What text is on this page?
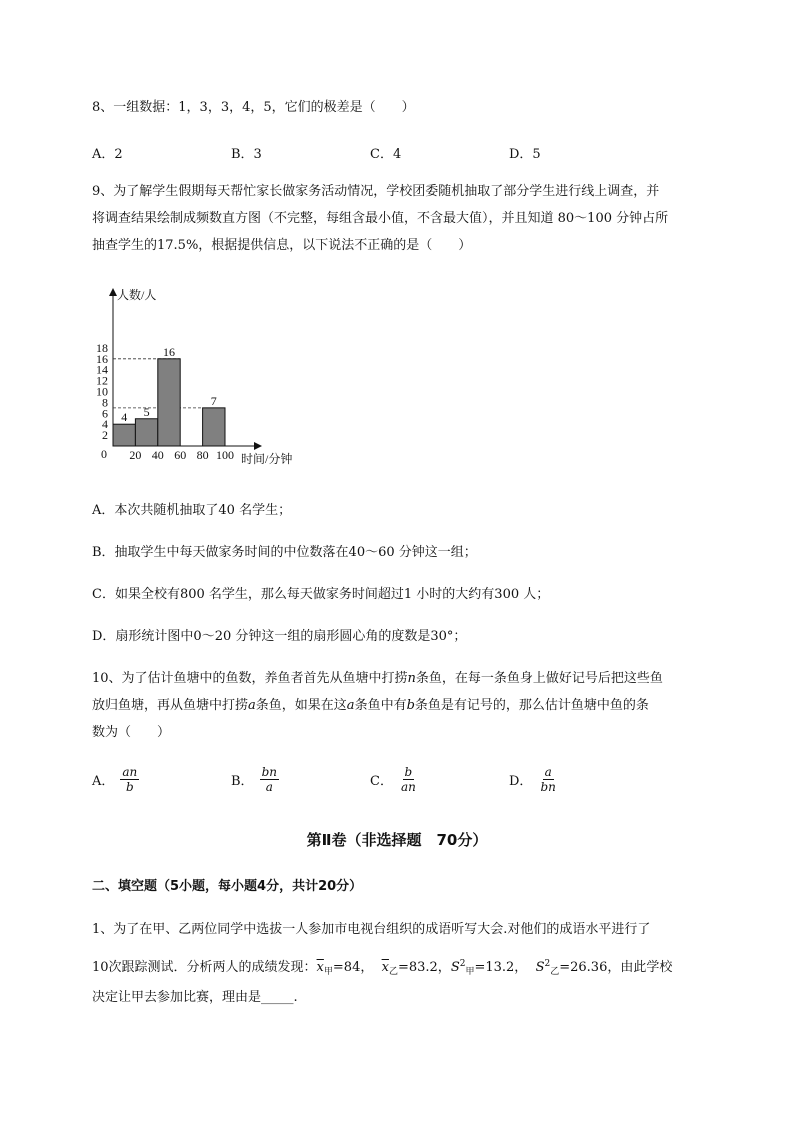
8、一组数据：1，3，3，4，5，它们的极差是（　　）
A．2	B．3	C．4	D．5
9、为了解学生假期每天帮忙家长做家务活动情况，学校团委随机抽取了部分学生进行线上调查，并
将调查结果绘制成频数直方图（不完整，每组含最小值，不含最大值），并且知道 80～100 分钟占所
抽查学生的17.5%，根据提供信息，以下说法不正确的是（　　）
4 5
16
7
2
4
6
8
10
12
14
16
18
20 40 60 80 100
人数/人
时间/分钟
0
A．本次共随机抽取了40 名学生；
B．抽取学生中每天做家务时间的中位数落在40～60 分钟这一组；
C．如果全校有800 名学生，那么每天做家务时间超过1 小时的大约有300 人；
D．扇形统计图中0～20 分钟这一组的扇形圆心角的度数是30°；
10、为了估计鱼塘中的鱼数，养鱼者首先从鱼塘中打捞n条鱼，在每一条鱼身上做好记号后把这些鱼
放归鱼塘，再从鱼塘中打捞a条鱼，如果在这a条鱼中有b条鱼是有记号的，那么估计鱼塘中鱼的条
数为（　　）
A． $\frac{an}{b}$	B． $\frac{bn}{a}$	C． $\frac{b}{an}$	D． $\frac{a}{bn}$
第Ⅱ卷（非选择题　70分）
二、填空题（5小题，每小题4分，共计20分）
1、为了在甲、乙两位同学中选拔一人参加市电视台组织的成语听写大会.对他们的成语水平进行了
10次跟踪测试．分析两人的成绩发现：$\overline{x}_甲=84$， $\overline{x}_乙=83.2$，$S^2_甲=13.2$， $S^2_乙=26.36$，由此学校
决定让甲去参加比赛，理由是_____.
